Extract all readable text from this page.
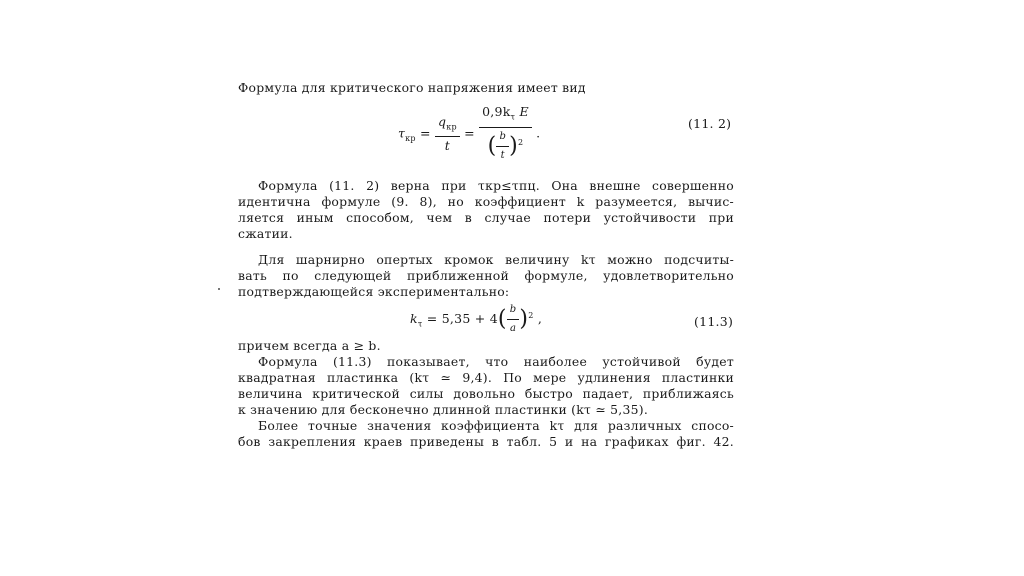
Формула для критического напряжения имеет вид
$\tau_{кр} = \frac{q_{кр}}{t} = \frac{0,9k_\tau E}{( \frac{b}{t} )^2}$ .
(11. 2)
Формула (11. 2) верна при τкр≤τпц. Она внешне совершенно
идентична формуле (9. 8), но коэффициент k разумеется, вычис-
ляется иным способом, чем в случае потери устойчивости при
сжатии.
Для шарнирно опертых кромок величину kτ можно подсчиты-
вать по следующей приближенной формуле, удовлетворительно
подтверждающейся экспериментально:
$k_\tau = 5,35 + 4( \frac{b}{a} )^2$ ,	(11.3)
причем всегда a ≥ b.
Формула (11.3) показывает, что наиболее устойчивой будет
квадратная пластинка (kτ ≃ 9,4). По мере удлинения пластинки
величина критической силы довольно быстро падает, приближаясь
к значению для бесконечно длинной пластинки (kτ ≃ 5,35).
Более точные значения коэффициента kτ для различных спосо-
бов закрепления краев приведены в табл. 5 и на графиках фиг. 42.
